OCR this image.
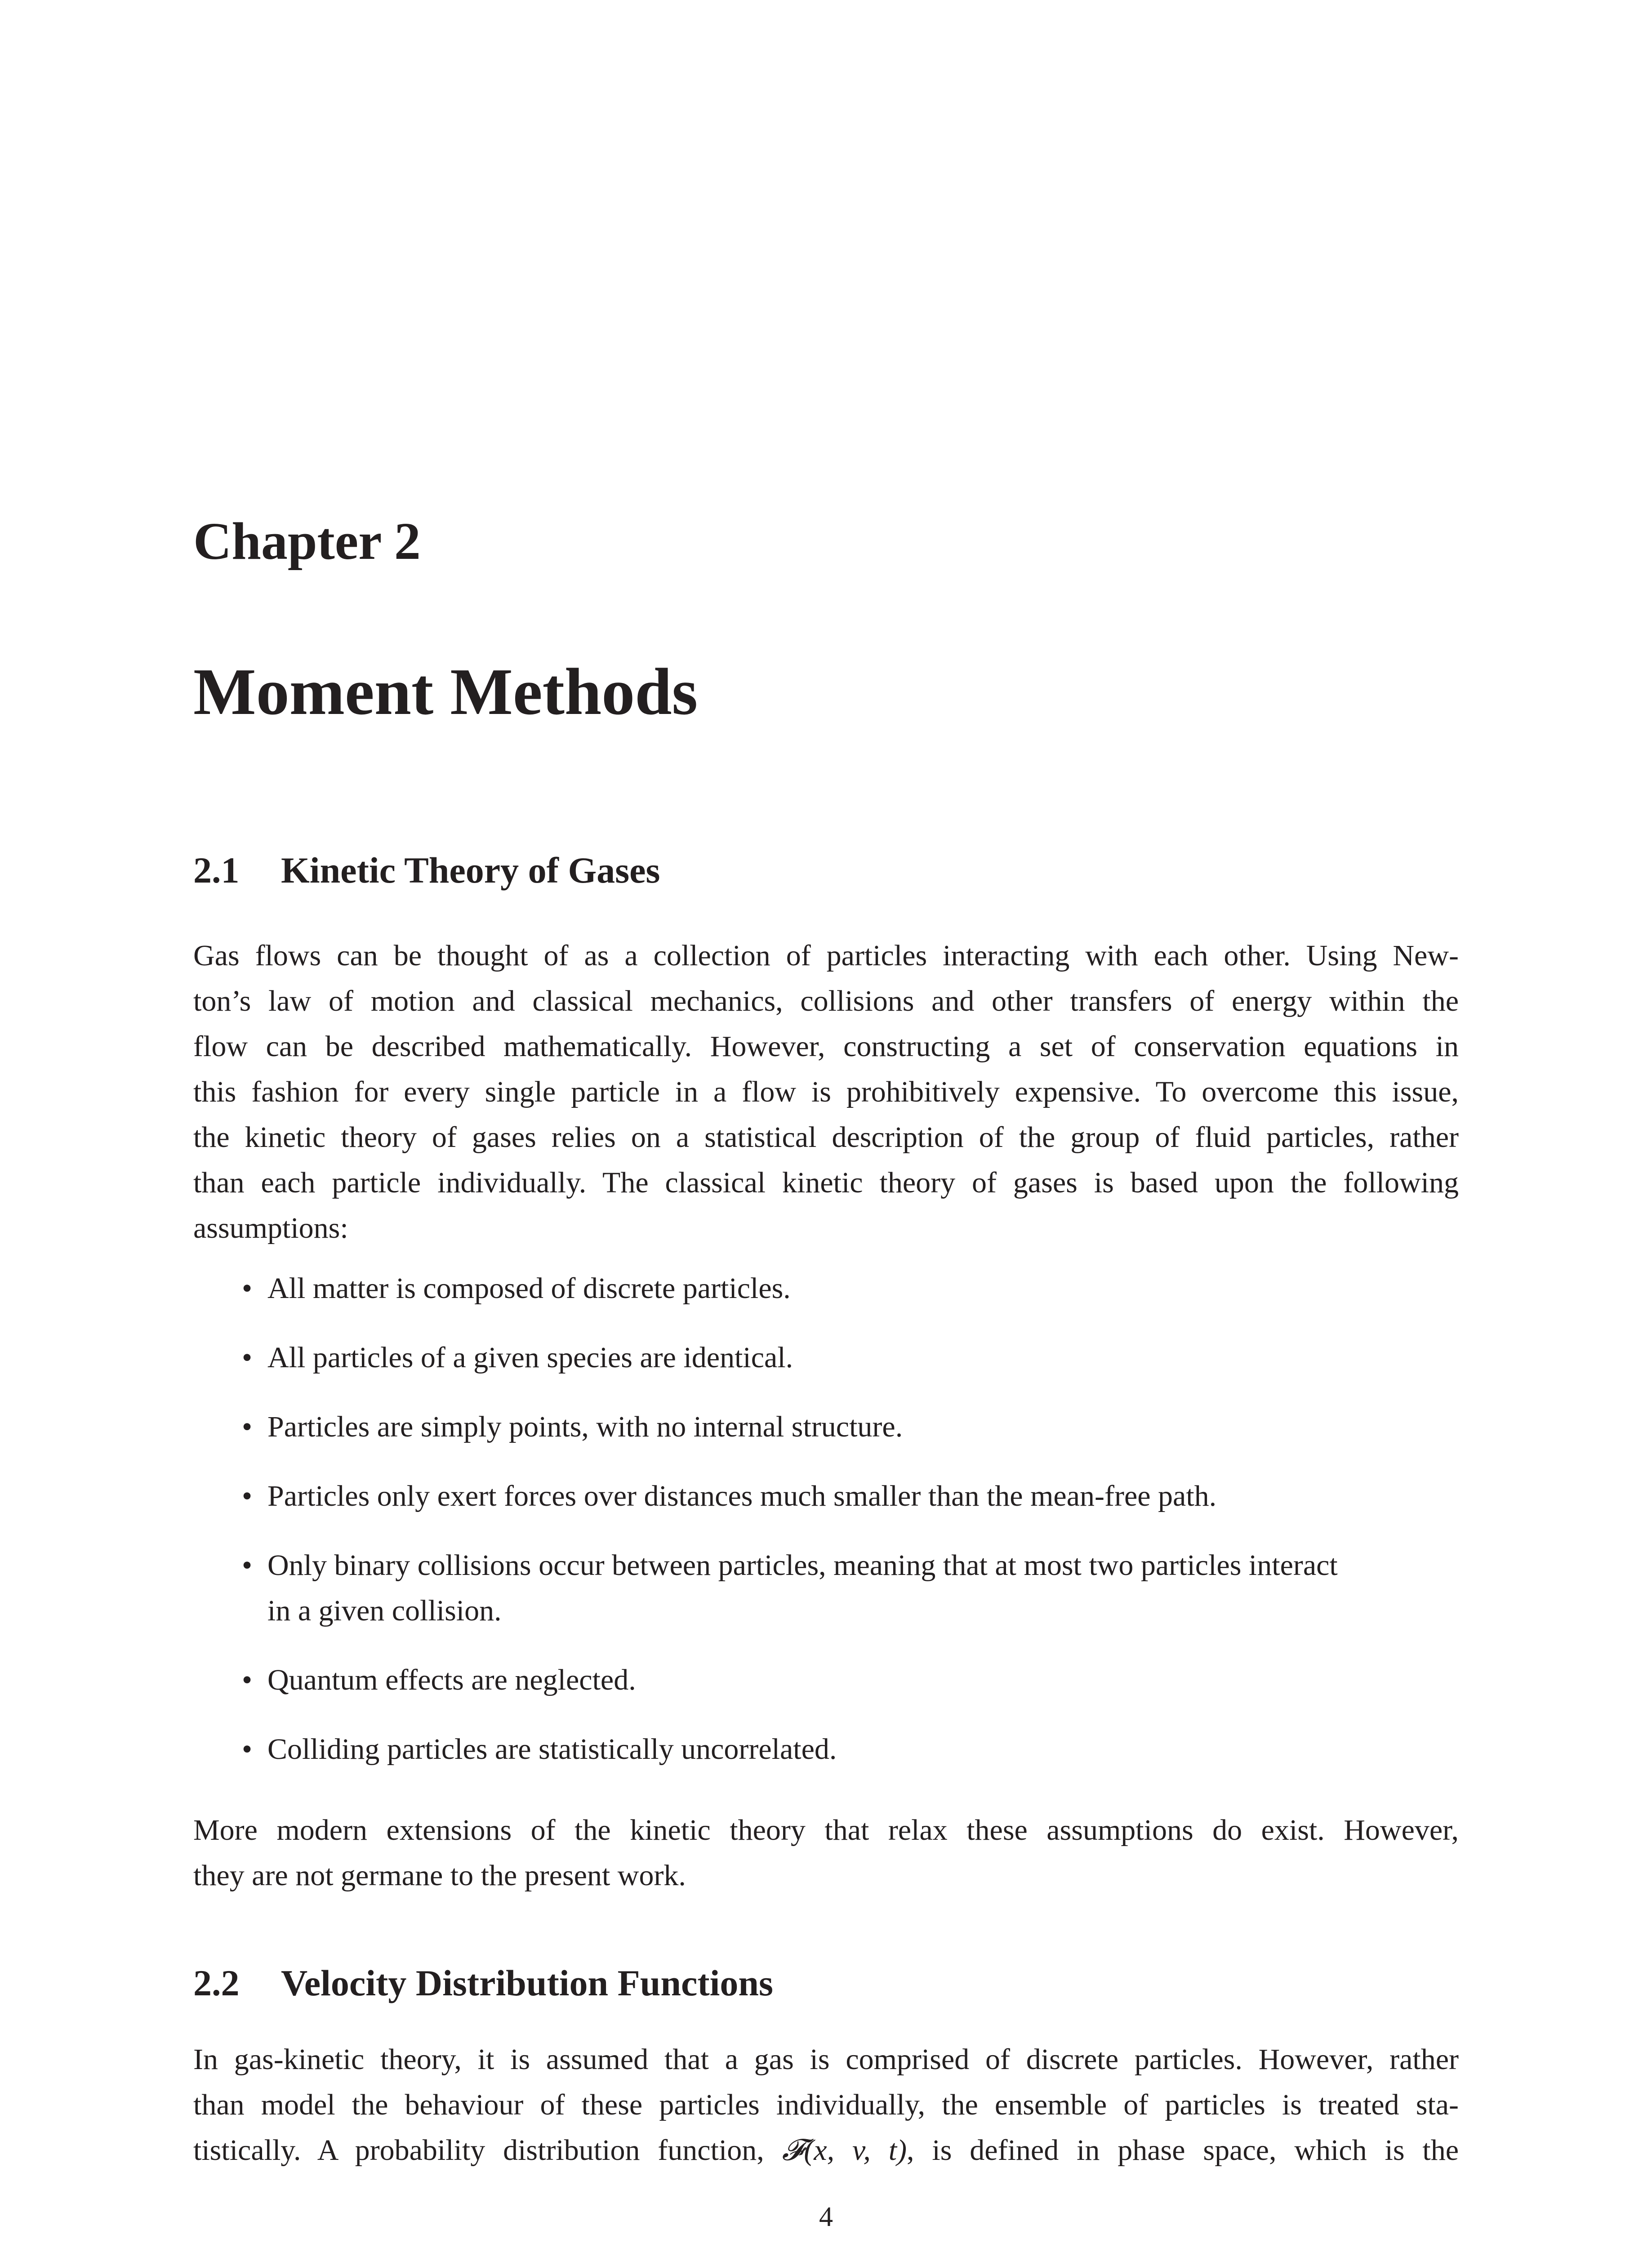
Chapter 2
Moment Methods
2.1 Kinetic Theory of Gases

Gas flows can be thought of as a collection of particles interacting with each other. Using New-
ton’s law of motion and classical mechanics, collisions and other transfers of energy within the
flow can be described mathematically. However, constructing a set of conservation equations in
this fashion for every single particle in a flow is prohibitively expensive. To overcome this issue,
the kinetic theory of gases relies on a statistical description of the group of fluid particles, rather
than each particle individually. The classical kinetic theory of gases is based upon the following
assumptions:

• All matter is composed of discrete particles.
• All particles of a given species are identical.
• Particles are simply points, with no internal structure.
• Particles only exert forces over distances much smaller than the mean-free path.
• Only binary collisions occur between particles, meaning that at most two particles interact
in a given collision.
• Quantum effects are neglected.
• Colliding particles are statistically uncorrelated.

More modern extensions of the kinetic theory that relax these assumptions do exist. However,
they are not germane to the present work.

2.2 Velocity Distribution Functions

In gas-kinetic theory, it is assumed that a gas is comprised of discrete particles. However, rather
than model the behaviour of these particles individually, the ensemble of particles is treated sta-
tistically. A probability distribution function, 𝓕(x, v, t), is defined in phase space, which is the

4
